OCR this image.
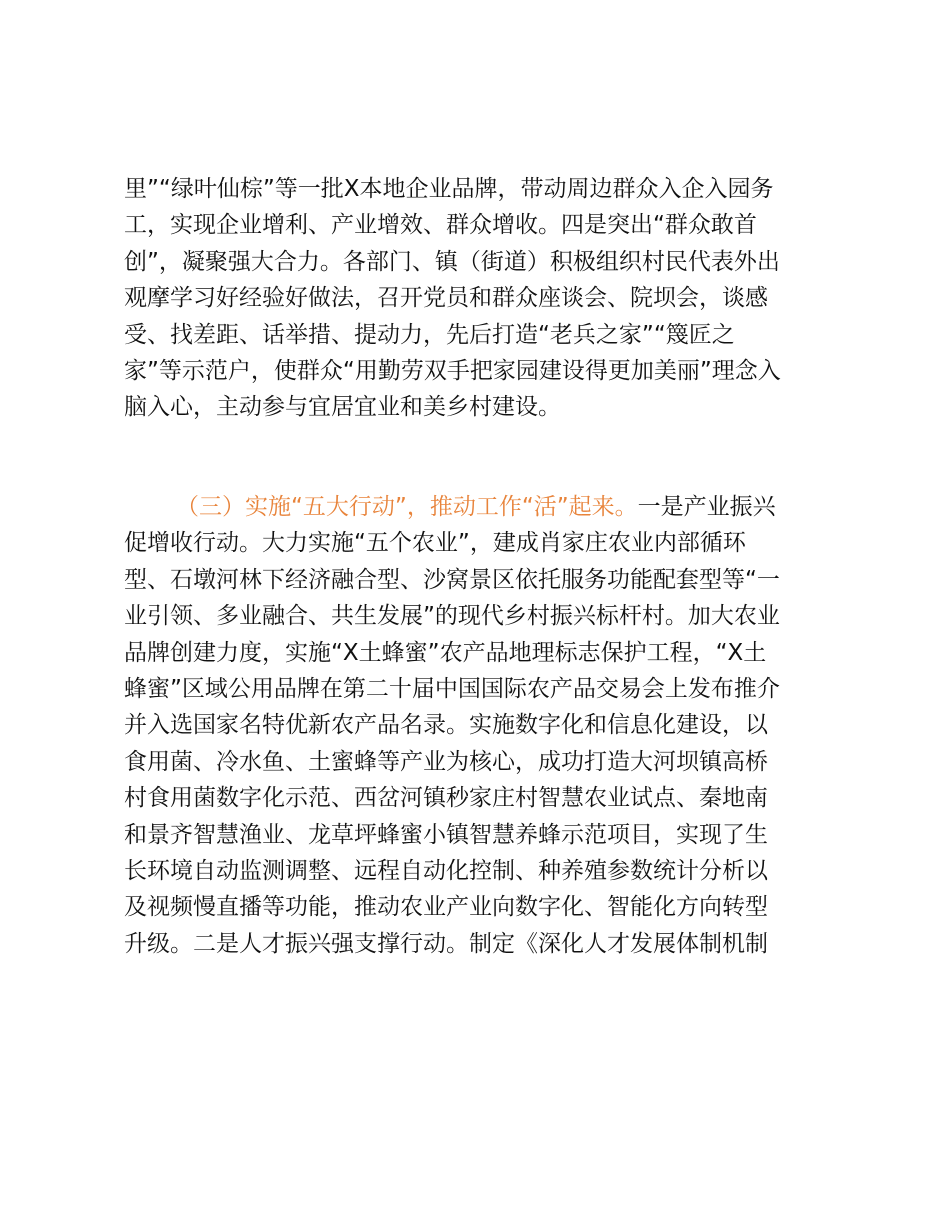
里”“绿叶仙棕”等一批X本地企业品牌，带动周边群众入企入园务
工，实现企业增利、产业增效、群众增收。四是突出“群众敢首
创”，凝聚强大合力。各部门、镇（街道）积极组织村民代表外出
观摩学习好经验好做法，召开党员和群众座谈会、院坝会，谈感
受、找差距、话举措、提动力，先后打造“老兵之家”“篾匠之
家”等示范户，使群众“用勤劳双手把家园建设得更加美丽”理念入
脑入心，主动参与宜居宜业和美乡村建设。
（三）实施“五大行动”，推动工作“活”起来。一是产业振兴
促增收行动。大力实施“五个农业”，建成肖家庄农业内部循环
型、石墩河林下经济融合型、沙窝景区依托服务功能配套型等“一
业引领、多业融合、共生发展”的现代乡村振兴标杆村。加大农业
品牌创建力度，实施“X土蜂蜜”农产品地理标志保护工程，“X土
蜂蜜”区域公用品牌在第二十届中国国际农产品交易会上发布推介
并入选国家名特优新农产品名录。实施数字化和信息化建设，以
食用菌、冷水鱼、土蜜蜂等产业为核心，成功打造大河坝镇高桥
村食用菌数字化示范、西岔河镇秒家庄村智慧农业试点、秦地南
和景齐智慧渔业、龙草坪蜂蜜小镇智慧养蜂示范项目，实现了生
长环境自动监测调整、远程自动化控制、种养殖参数统计分析以
及视频慢直播等功能，推动农业产业向数字化、智能化方向转型
升级。二是人才振兴强支撑行动。制定《深化人才发展体制机制
